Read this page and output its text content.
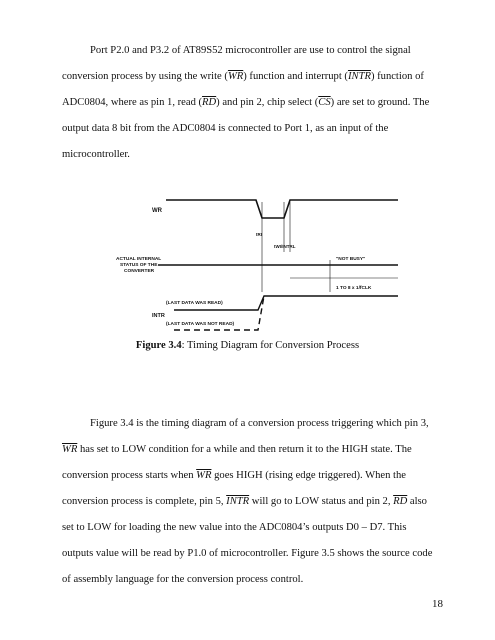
Port P2.0 and P3.2 of AT89S52 microcontroller are use to control the signal conversion process by using the write $(\overline{WR})$ function and interrupt (INTR) function of ADC0804, where as pin 1, read $(\overline{RD})$ and pin 2, chip select $(\overline{CS})$ are set to ground. The output data 8 bit from the ADC0804 is connected to Port 1, as an input of the microcontroller.

WR
tRI
tWI/INTRL
ACTUAL INTERNAL
STATUS OF THE
CONVERTER
"NOT BUSY"
1 TO 8 x 1/fCLK
(LAST DATA WAS READ)
INTR
(LAST DATA WAS NOT READ)
Figure 3.4: Timing Diagram for Conversion Process

Figure 3.4 is the timing diagram of a conversion process triggering which pin 3, $\overline{WR}$ has set to LOW condition for a while and then return it to the HIGH state. The conversion process starts when $\overline{WR}$ goes HIGH (rising edge triggered). When the conversion process is complete, pin 5, INTR will go to LOW status and pin 2, $\overline{RD}$ also set to LOW for loading the new value into the ADC0804’s outputs D0 – D7. This outputs value will be read by P1.0 of microcontroller. Figure 3.5 shows the source code of assembly language for the conversion process control.

18
